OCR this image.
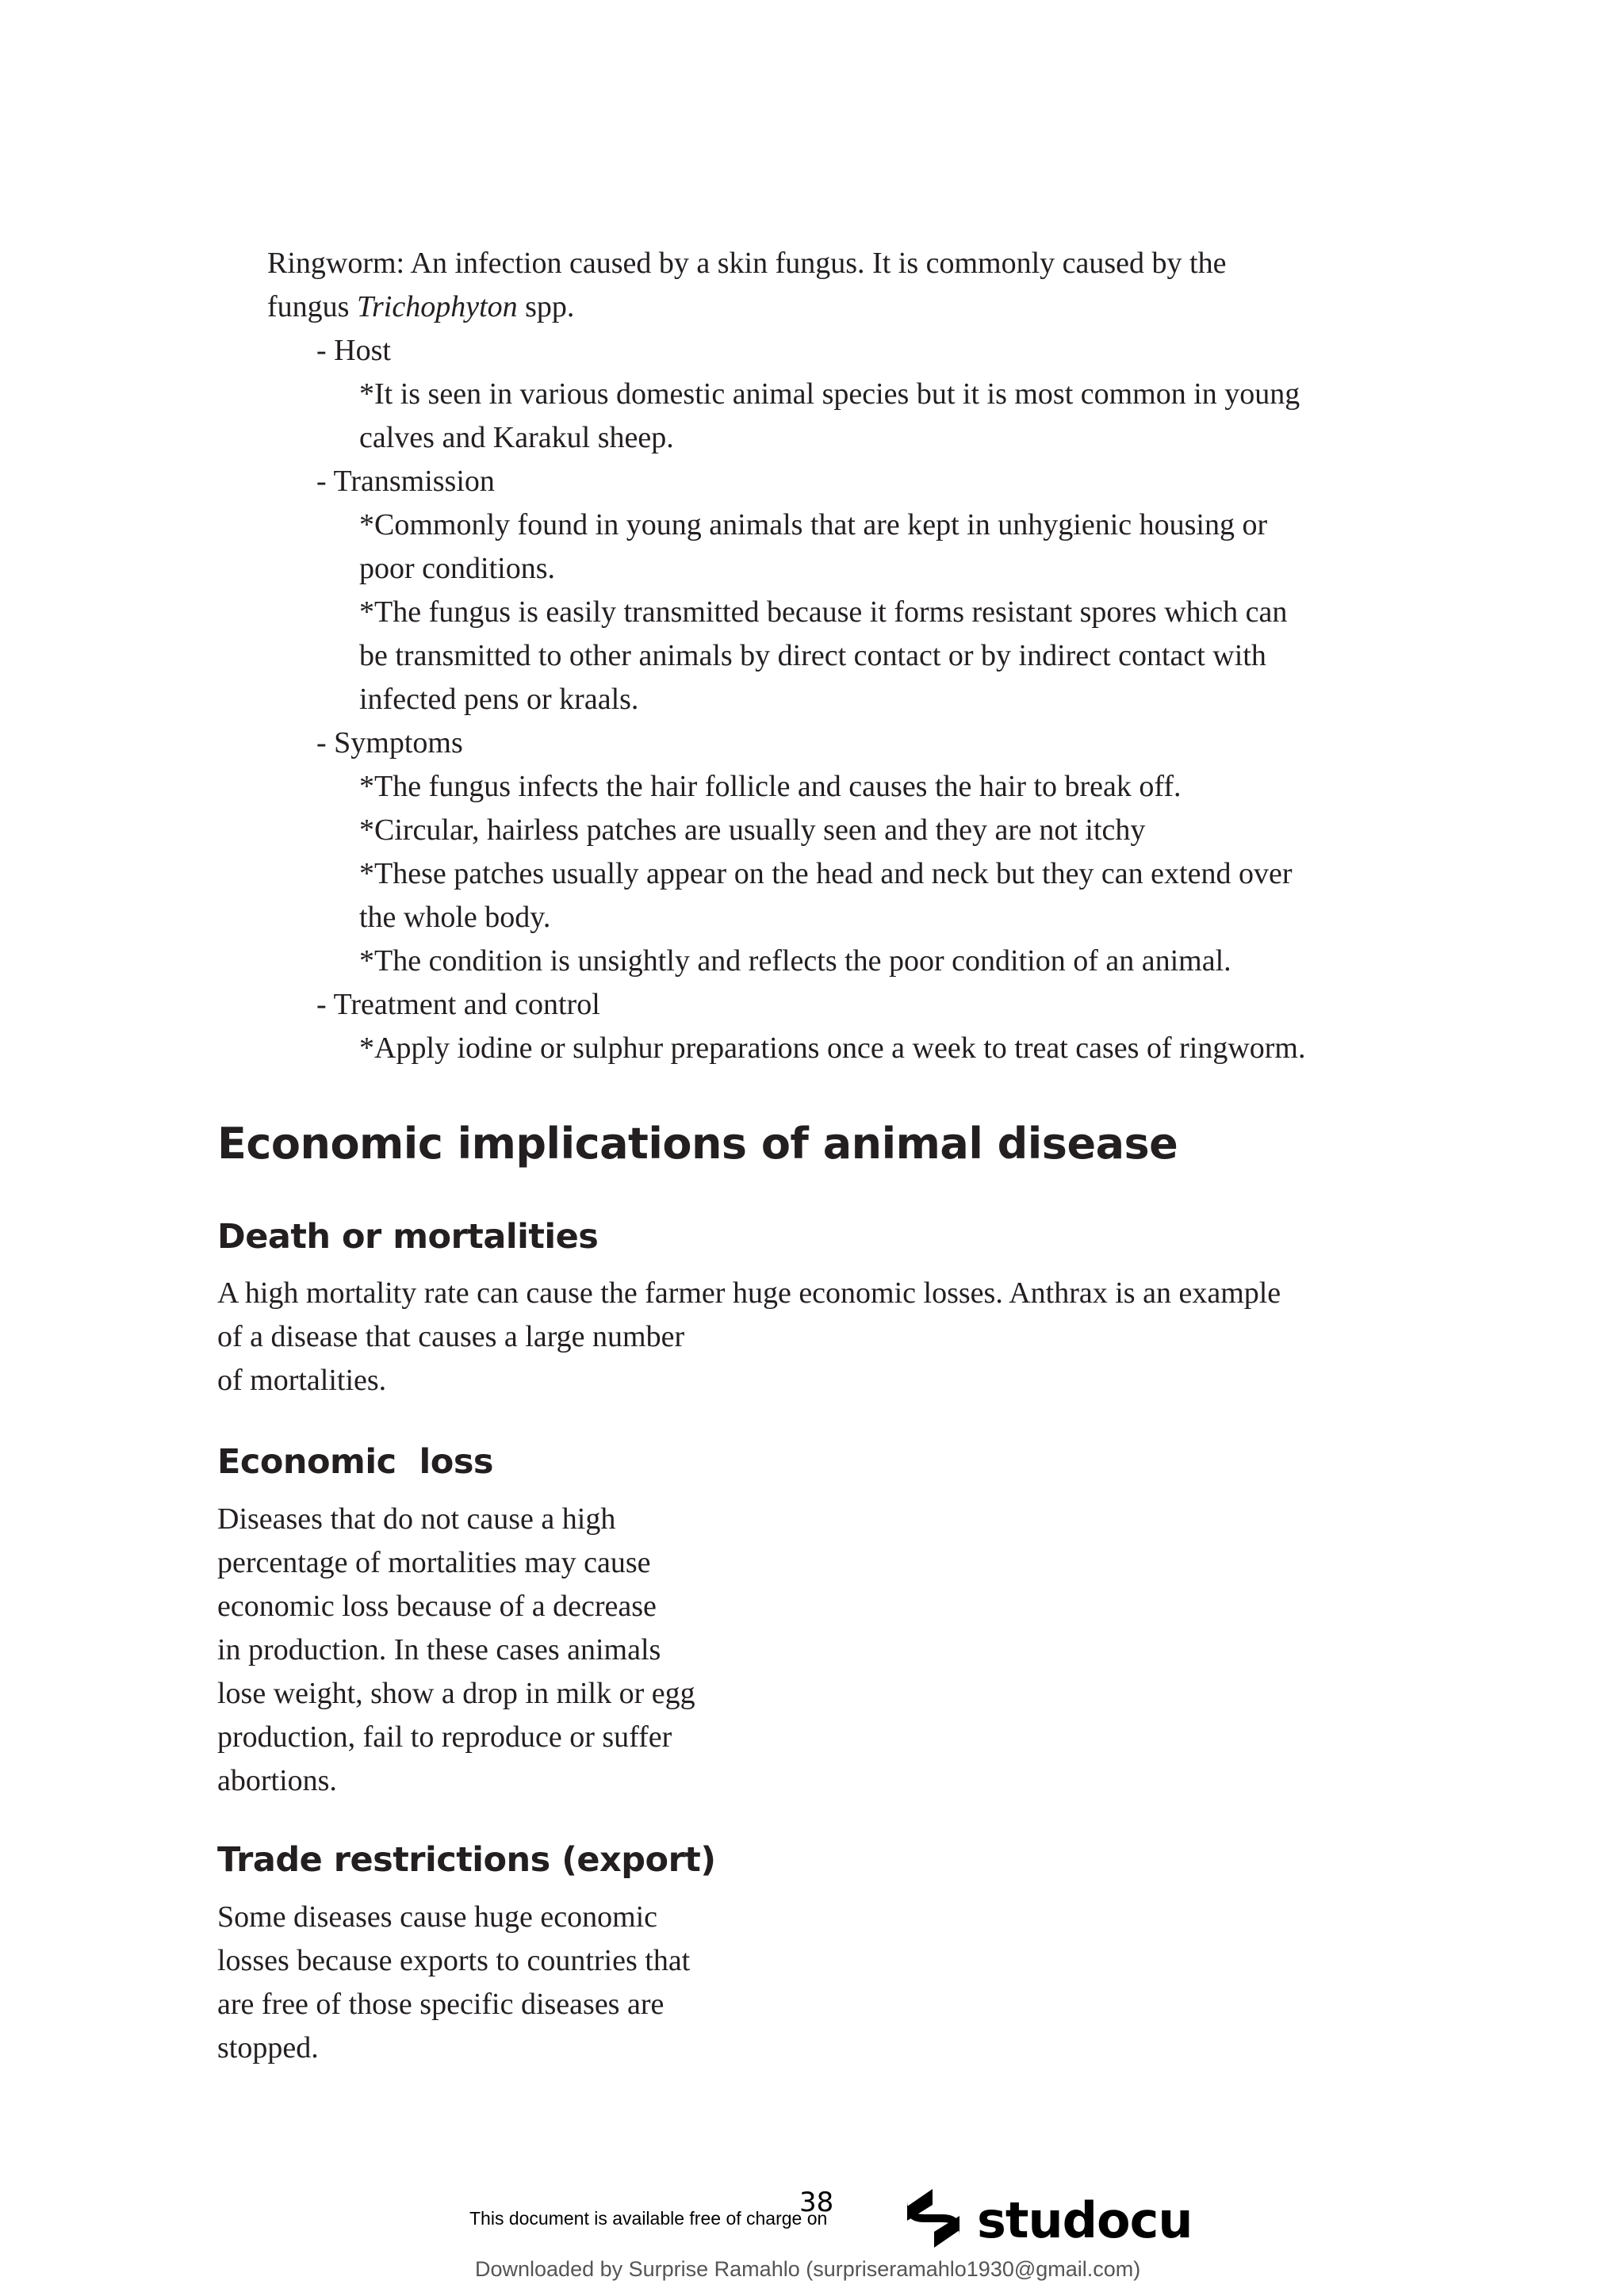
Ringworm: An infection caused by a skin fungus. It is commonly caused by the

fungus Trichophyton spp.

- Host

*It is seen in various domestic animal species but it is most common in young

calves and Karakul sheep.

- Transmission

*Commonly found in young animals that are kept in unhygienic housing or

poor conditions.

*The fungus is easily transmitted because it forms resistant spores which can

be transmitted to other animals by direct contact or by indirect contact with

infected pens or kraals.

- Symptoms

*The fungus infects the hair follicle and causes the hair to break off.

*Circular, hairless patches are usually seen and they are not itchy

*These patches usually appear on the head and neck but they can extend over

the whole body.

*The condition is unsightly and reflects the poor condition of an animal.

- Treatment and control

*Apply iodine or sulphur preparations once a week to treat cases of ringworm.

Economic implications of animal disease
Death or mortalities

A high mortality rate can cause the farmer huge economic losses. Anthrax is an example

of a disease that causes a large number

of mortalities.

Economic  loss

Diseases that do not cause a high

percentage of mortalities may cause

economic loss because of a decrease

in production. In these cases animals

lose weight, show a drop in milk or egg

production, fail to reproduce or suffer

abortions.

Trade restrictions (export)

Some diseases cause huge economic

losses because exports to countries that

are free of those specific diseases are

stopped.

38
This document is available free of charge on	studocu
Downloaded by Surprise Ramahlo (surpriseramahlo1930@gmail.com)
